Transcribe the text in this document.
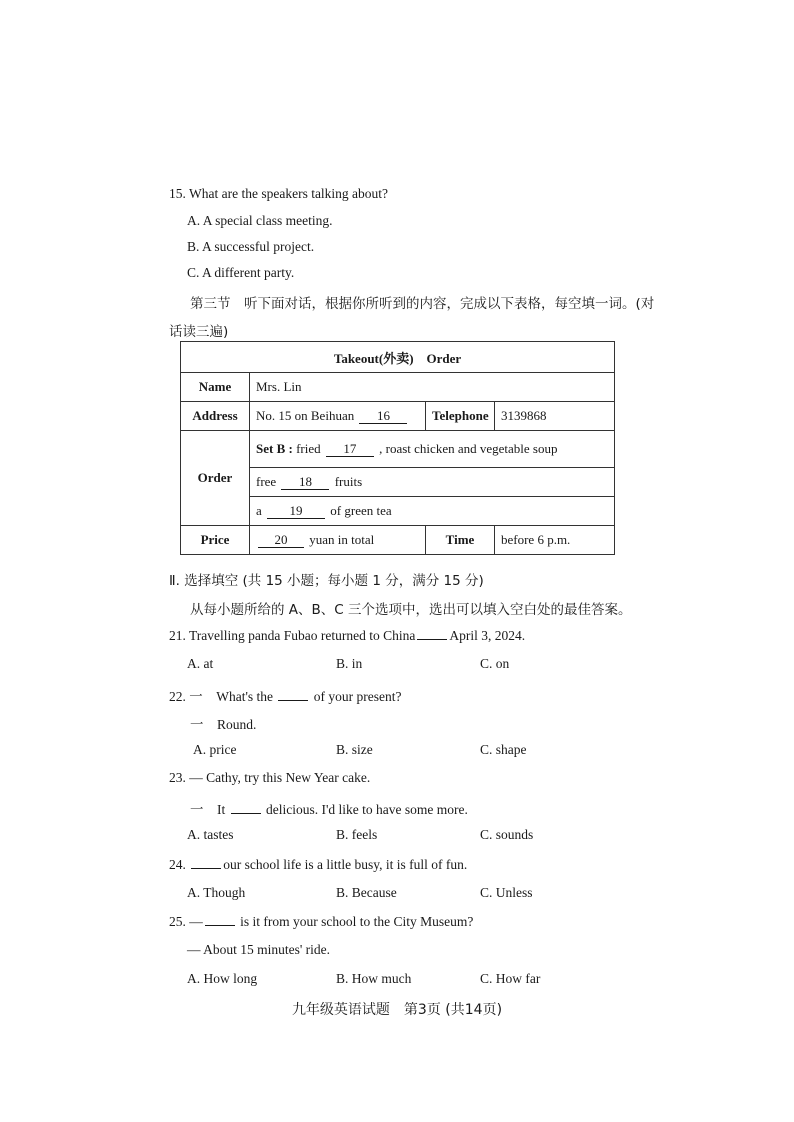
15. What are the speakers talking about?
A. A special class meeting.
B. A successful project.
C. A different party.
第三节　听下面对话，根据你所听到的内容，完成以下表格，每空填一词。(对
话读三遍)
Takeout(外卖)　Order			
Name	Mrs. Lin		
Address	No. 15 on Beihuan 16	Telephone	3139868
Order	Set B : fried 17 , roast chicken and vegetable soup		
	free 18 fruits		
	a 19 of green tea		
Price	20 yuan in total	Time	before 6 p.m.
Ⅱ. 选择填空 (共 15 小题；每小题 1 分，满分 15 分)
从每小题所给的 A、B、C 三个选项中，选出可以填入空白处的最佳答案。
21. Travelling panda Fubao returned to China	April 3, 2024.
A. at	B. in	C. on
22. 一　What's the	of your present?
一　Round.
A. price	B. size	C. shape
23. — Cathy, try this New Year cake.
一　It	delicious. I'd like to have some more.
A. tastes	B. feels	C. sounds
24.	our school life is a little busy, it is full of fun.
A. Though	B. Because	C. Unless
25. —	is it from your school to the City Museum?
— About 15 minutes' ride.
A. How long	B. How much	C. How far
九年级英语试题　第3页 (共14页)
